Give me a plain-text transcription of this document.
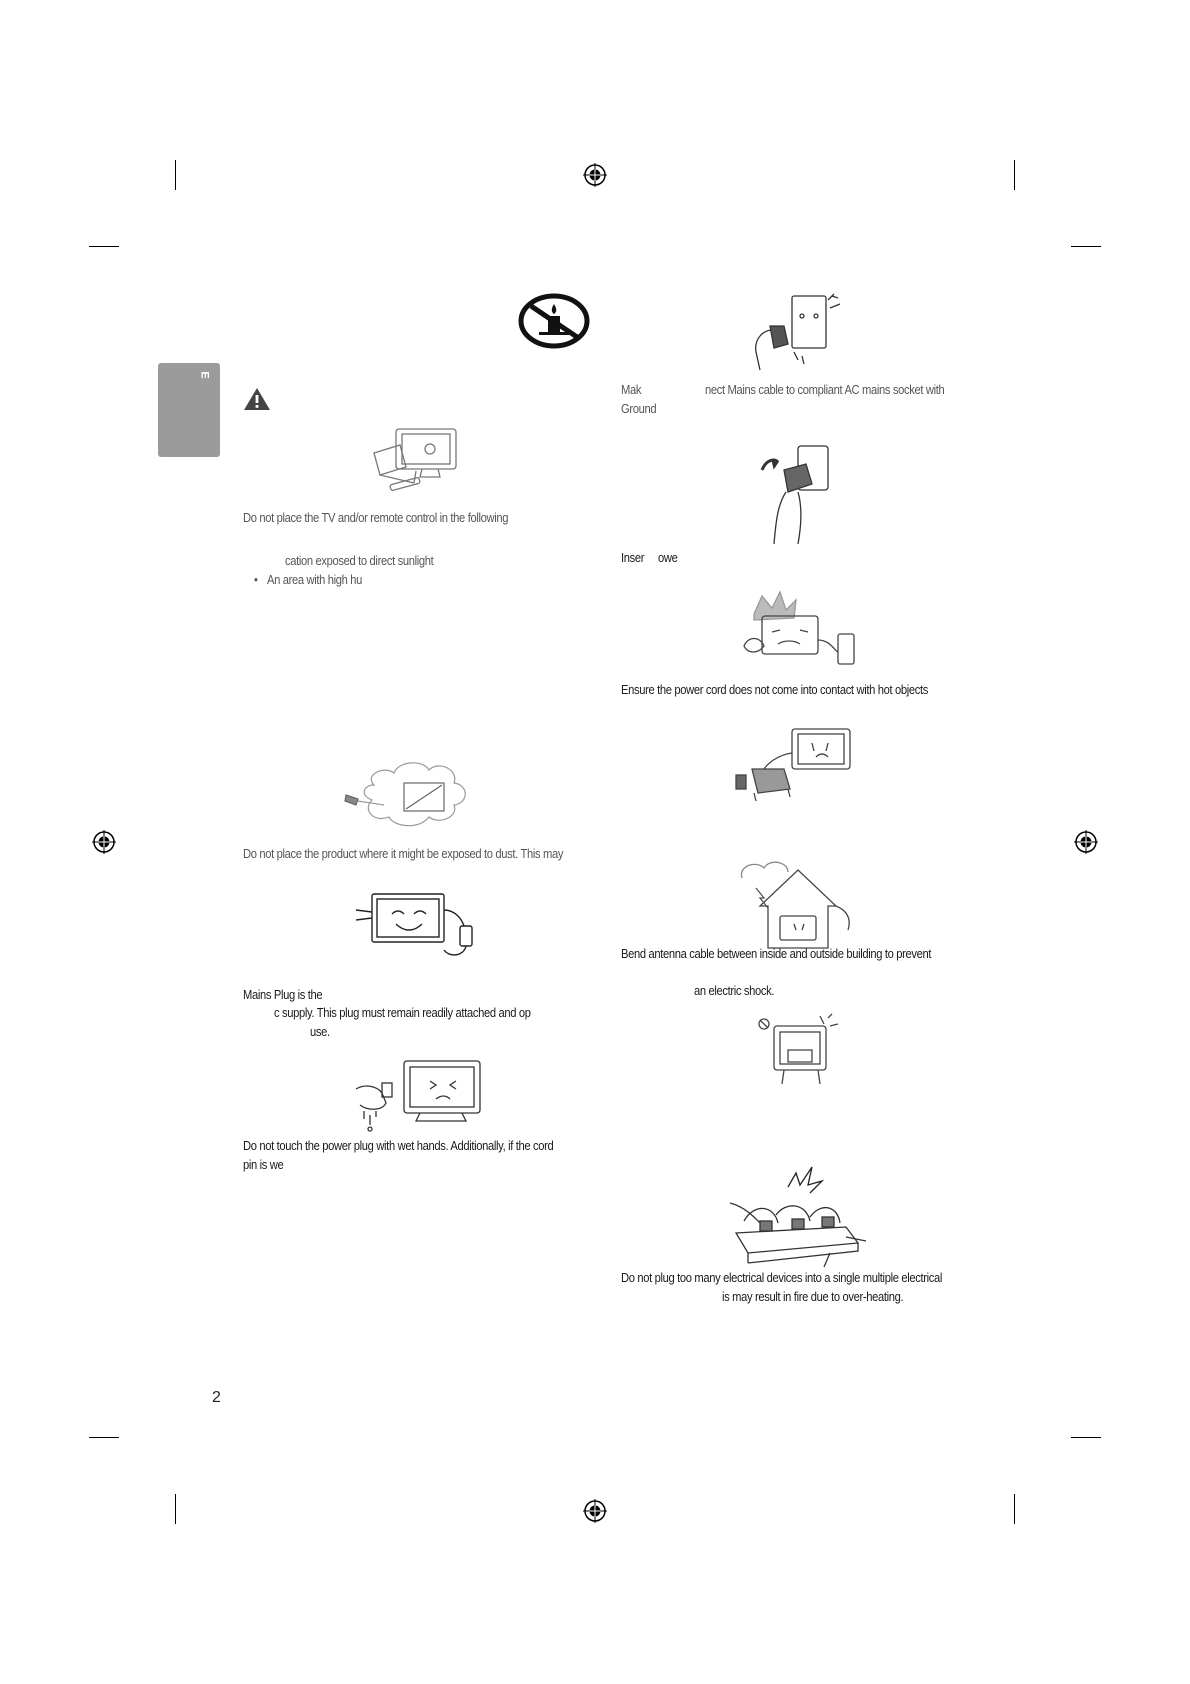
E
Do not place the TV and/or remote control in the following
cation exposed to direct sunlight
• An area with high hu
Do not place the product where it might be exposed to dust. This may
Mains Plug is the
c supply. This plug must remain readily attached and op
use.
Do not touch the power plug with wet hands. Additionally, if the cord
pin is we
Mak	nect Mains cable to compliant AC mains socket with
Ground
Inser owe
Ensure the power cord does not come into contact with hot objects
Bend antenna cable between inside and outside building to prevent
an electric shock.
Do not plug too many electrical devices into a single multiple electrical
is may result in fire due to over-heating.
2
